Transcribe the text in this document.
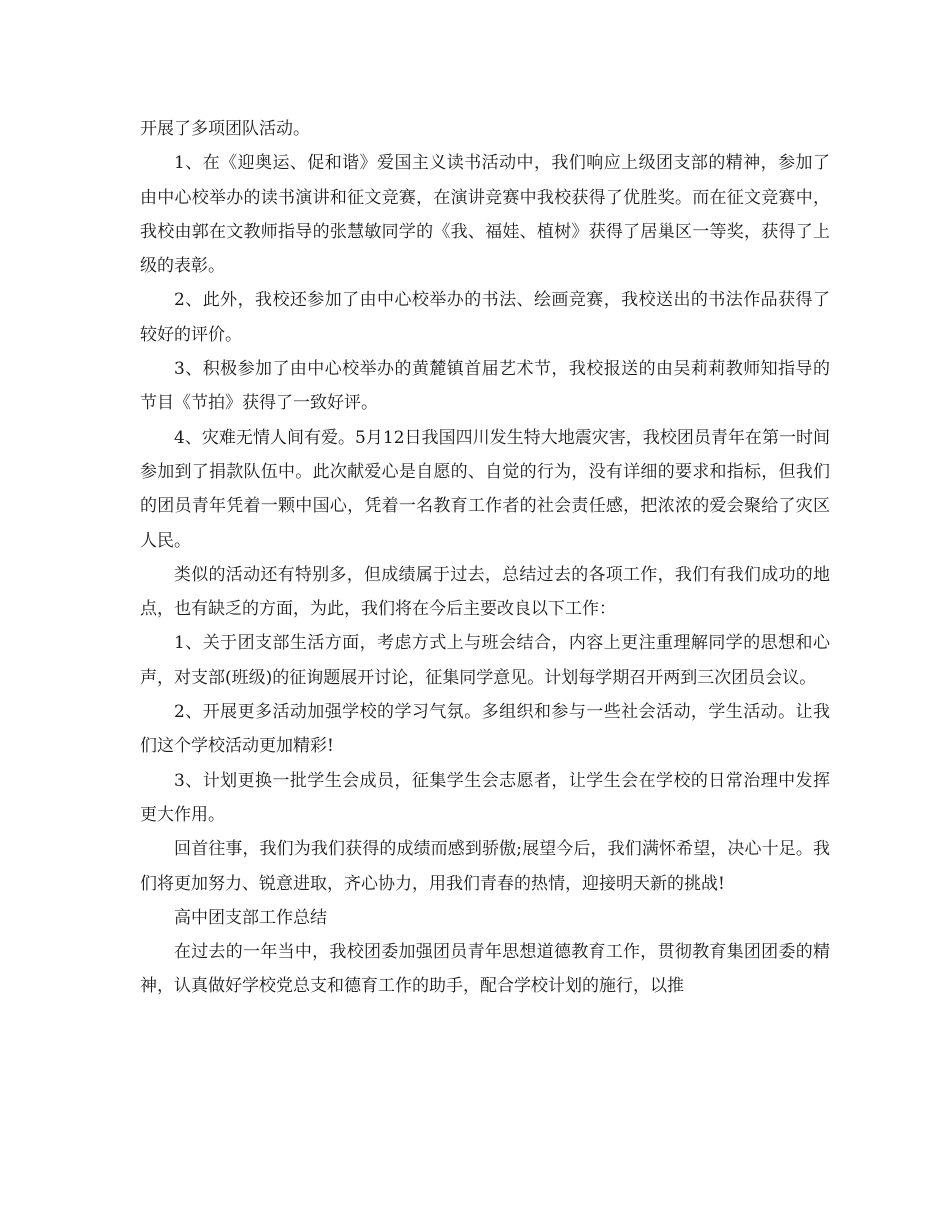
开展了多项团队活动。

1、在《迎奥运、促和谐》爱国主义读书活动中，我们响应上级团支部的精神，参加了由中心校举办的读书演讲和征文竞赛，在演讲竞赛中我校获得了优胜奖。而在征文竞赛中，我校由郭在文教师指导的张慧敏同学的《我、福娃、植树》获得了居巢区一等奖，获得了上级的表彰。

2、此外，我校还参加了由中心校举办的书法、绘画竞赛，我校送出的书法作品获得了较好的评价。

3、积极参加了由中心校举办的黄麓镇首届艺术节，我校报送的由吴莉莉教师知指导的节目《节拍》获得了一致好评。

4、灾难无情人间有爱。5月12日我国四川发生特大地震灾害，我校团员青年在第一时间参加到了捐款队伍中。此次献爱心是自愿的、自觉的行为，没有详细的要求和指标，但我们的团员青年凭着一颗中国心，凭着一名教育工作者的社会责任感，把浓浓的爱会聚给了灾区人民。

类似的活动还有特别多，但成绩属于过去，总结过去的各项工作，我们有我们成功的地点，也有缺乏的方面，为此，我们将在今后主要改良以下工作：

1、关于团支部生活方面，考虑方式上与班会结合，内容上更注重理解同学的思想和心声，对支部(班级)的征询题展开讨论，征集同学意见。计划每学期召开两到三次团员会议。

2、开展更多活动加强学校的学习气氛。多组织和参与一些社会活动，学生活动。让我们这个学校活动更加精彩!

3、计划更换一批学生会成员，征集学生会志愿者，让学生会在学校的日常治理中发挥更大作用。

回首往事，我们为我们获得的成绩而感到骄傲;展望今后，我们满怀希望，决心十足。我们将更加努力、锐意进取，齐心协力，用我们青春的热情，迎接明天新的挑战!

高中团支部工作总结

在过去的一年当中，我校团委加强团员青年思想道德教育工作，贯彻教育集团团委的精神，认真做好学校党总支和德育工作的助手，配合学校计划的施行，以推
